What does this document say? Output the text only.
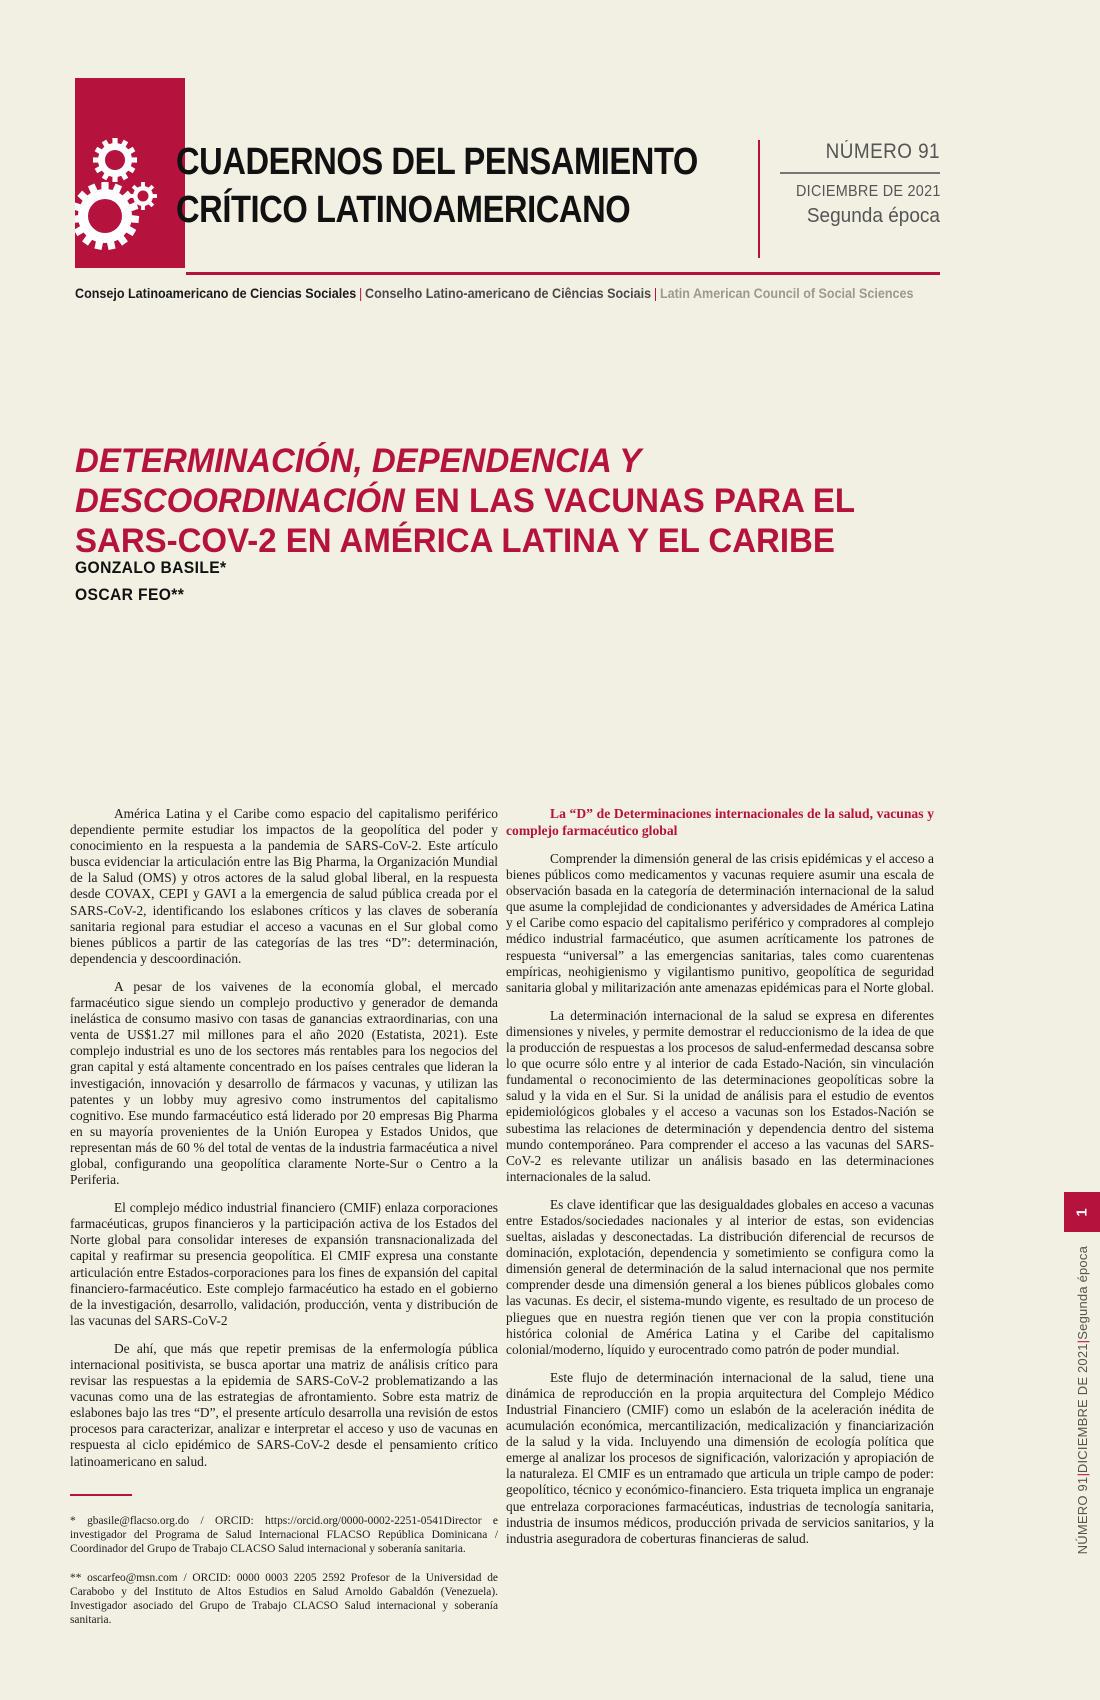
CUADERNOS DEL PENSAMIENTO
CRÍTICO LATINOAMERICANO
NÚMERO 91
DICIEMBRE DE 2021
Segunda época
Consejo Latinoamericano de Ciencias Sociales | Conselho Latino-americano de Ciências Sociais | Latin American Council of Social Sciences
DETERMINACIÓN, DEPENDENCIA Y DESCOORDINACIÓN EN LAS VACUNAS PARA EL SARS-COV-2 EN AMÉRICA LATINA Y EL CARIBE
GONZALO BASILE*
OSCAR FEO**

América Latina y el Caribe como espacio del capitalismo periférico dependiente permite estudiar los impactos de la geopolítica del poder y conocimiento en la respuesta a la pandemia de SARS-CoV-2. Este artículo busca evidenciar la articulación entre las Big Pharma, la Organización Mundial de la Salud (OMS) y otros actores de la salud global liberal, en la respuesta desde COVAX, CEPI y GAVI a la emergencia de salud pública creada por el SARS-CoV-2, identificando los eslabones críticos y las claves de soberanía sanitaria regional para estudiar el acceso a vacunas en el Sur global como bienes públicos a partir de las categorías de las tres “D”: determinación, dependencia y descoordinación.

A pesar de los vaivenes de la economía global, el mercado farmacéutico sigue siendo un complejo productivo y generador de demanda inelástica de consumo masivo con tasas de ganancias extraordinarias, con una venta de US$1.27 mil millones para el año 2020 (Estatista, 2021). Este complejo industrial es uno de los sectores más rentables para los negocios del gran capital y está altamente concentrado en los países centrales que lideran la investigación, innovación y desarrollo de fármacos y vacunas, y utilizan las patentes y un lobby muy agresivo como instrumentos del capitalismo cognitivo. Ese mundo farmacéutico está liderado por 20 empresas Big Pharma en su mayoría provenientes de la Unión Europea y Estados Unidos, que representan más de 60 % del total de ventas de la industria farmacéutica a nivel global, configurando una geopolítica claramente Norte-Sur o Centro a la Periferia.

El complejo médico industrial financiero (CMIF) enlaza corporaciones farmacéuticas, grupos financieros y la participación activa de los Estados del Norte global para consolidar intereses de expansión transnacionalizada del capital y reafirmar su presencia geopolítica. El CMIF expresa una constante articulación entre Estados-corporaciones para los fines de expansión del capital financiero-farmacéutico. Este complejo farmacéutico ha estado en el gobierno de la investigación, desarrollo, validación, producción, venta y distribución de las vacunas del SARS-CoV-2

De ahí, que más que repetir premisas de la enfermología pública internacional positivista, se busca aportar una matriz de análisis crítico para revisar las respuestas a la epidemia de SARS-CoV-2 problematizando a las vacunas como una de las estrategias de afrontamiento. Sobre esta matriz de eslabones bajo las tres “D”, el presente artículo desarrolla una revisión de estos procesos para caracterizar, analizar e interpretar el acceso y uso de vacunas en respuesta al ciclo epidémico de SARS-CoV-2 desde el pensamiento crítico latinoamericano en salud.

La “D” de Determinaciones internacionales de la salud, vacunas y complejo farmacéutico global

Comprender la dimensión general de las crisis epidémicas y el acceso a bienes públicos como medicamentos y vacunas requiere asumir una escala de observación basada en la categoría de determinación internacional de la salud que asume la complejidad de condicionantes y adversidades de América Latina y el Caribe como espacio del capitalismo periférico y compradores al complejo médico industrial farmacéutico, que asumen acríticamente los patrones de respuesta “universal” a las emergencias sanitarias, tales como cuarentenas empíricas, neohigienismo y vigilantismo punitivo, geopolítica de seguridad sanitaria global y militarización ante amenazas epidémicas para el Norte global.

La determinación internacional de la salud se expresa en diferentes dimensiones y niveles, y permite demostrar el reduccionismo de la idea de que la producción de respuestas a los procesos de salud-enfermedad descansa sobre lo que ocurre sólo entre y al interior de cada Estado-Nación, sin vinculación fundamental o reconocimiento de las determinaciones geopolíticas sobre la salud y la vida en el Sur. Si la unidad de análisis para el estudio de eventos epidemiológicos globales y el acceso a vacunas son los Estados-Nación se subestima las relaciones de determinación y dependencia dentro del sistema mundo contemporáneo. Para comprender el acceso a las vacunas del SARS-CoV-2 es relevante utilizar un análisis basado en las determinaciones internacionales de la salud.

Es clave identificar que las desigualdades globales en acceso a vacunas entre Estados/sociedades nacionales y al interior de estas, son evidencias sueltas, aisladas y desconectadas. La distribución diferencial de recursos de dominación, explotación, dependencia y sometimiento se configura como la dimensión general de determinación de la salud internacional que nos permite comprender desde una dimensión general a los bienes públicos globales como las vacunas. Es decir, el sistema-mundo vigente, es resultado de un proceso de pliegues que en nuestra región tienen que ver con la propia constitución histórica colonial de América Latina y el Caribe del capitalismo colonial/moderno, líquido y eurocentrado como patrón de poder mundial.

Este flujo de determinación internacional de la salud, tiene una dinámica de reproducción en la propia arquitectura del Complejo Médico Industrial Financiero (CMIF) como un eslabón de la aceleración inédita de acumulación económica, mercantilización, medicalización y financiarización de la salud y la vida. Incluyendo una dimensión de ecología política que emerge al analizar los procesos de significación, valorización y apropiación de la naturaleza. El CMIF es un entramado que articula un triple campo de poder: geopolítico, técnico y económico-financiero. Esta triqueta implica un engranaje que entrelaza corporaciones farmacéuticas, industrias de tecnología sanitaria, industria de insumos médicos, producción privada de servicios sanitarios, y la industria aseguradora de coberturas financieras de salud.

* gbasile@flacso.org.do / ORCID: https://orcid.org/0000-0002-2251-0541Director e investigador del Programa de Salud Internacional FLACSO República Dominicana / Coordinador del Grupo de Trabajo CLACSO Salud internacional y soberanía sanitaria.

** oscarfeo@msn.com / ORCID: 0000 0003 2205 2592 Profesor de la Universidad de Carabobo y del Instituto de Altos Estudios en Salud Arnoldo Gabaldón (Venezuela). Investigador asociado del Grupo de Trabajo CLACSO Salud internacional y soberanía sanitaria.

1
NÚMERO 91|DICIEMBRE DE 2021|Segunda época
